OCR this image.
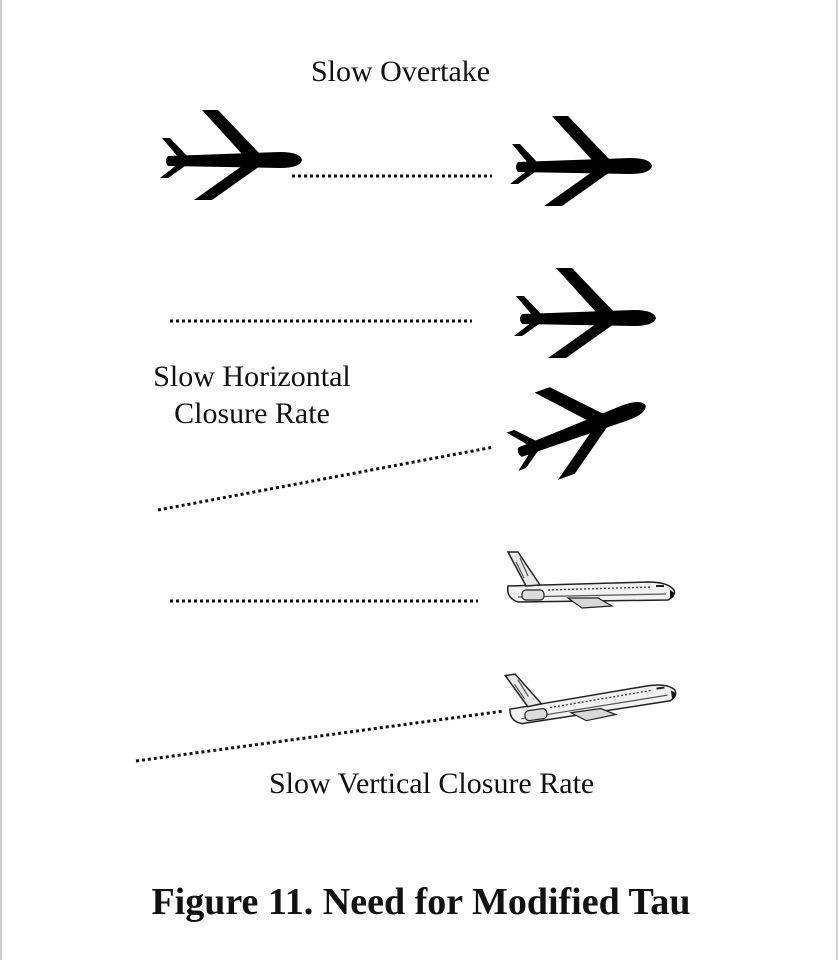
Slow Overtake
Slow Horizontal
Closure Rate
Slow Vertical Closure Rate
Figure 11. Need for Modified Tau
